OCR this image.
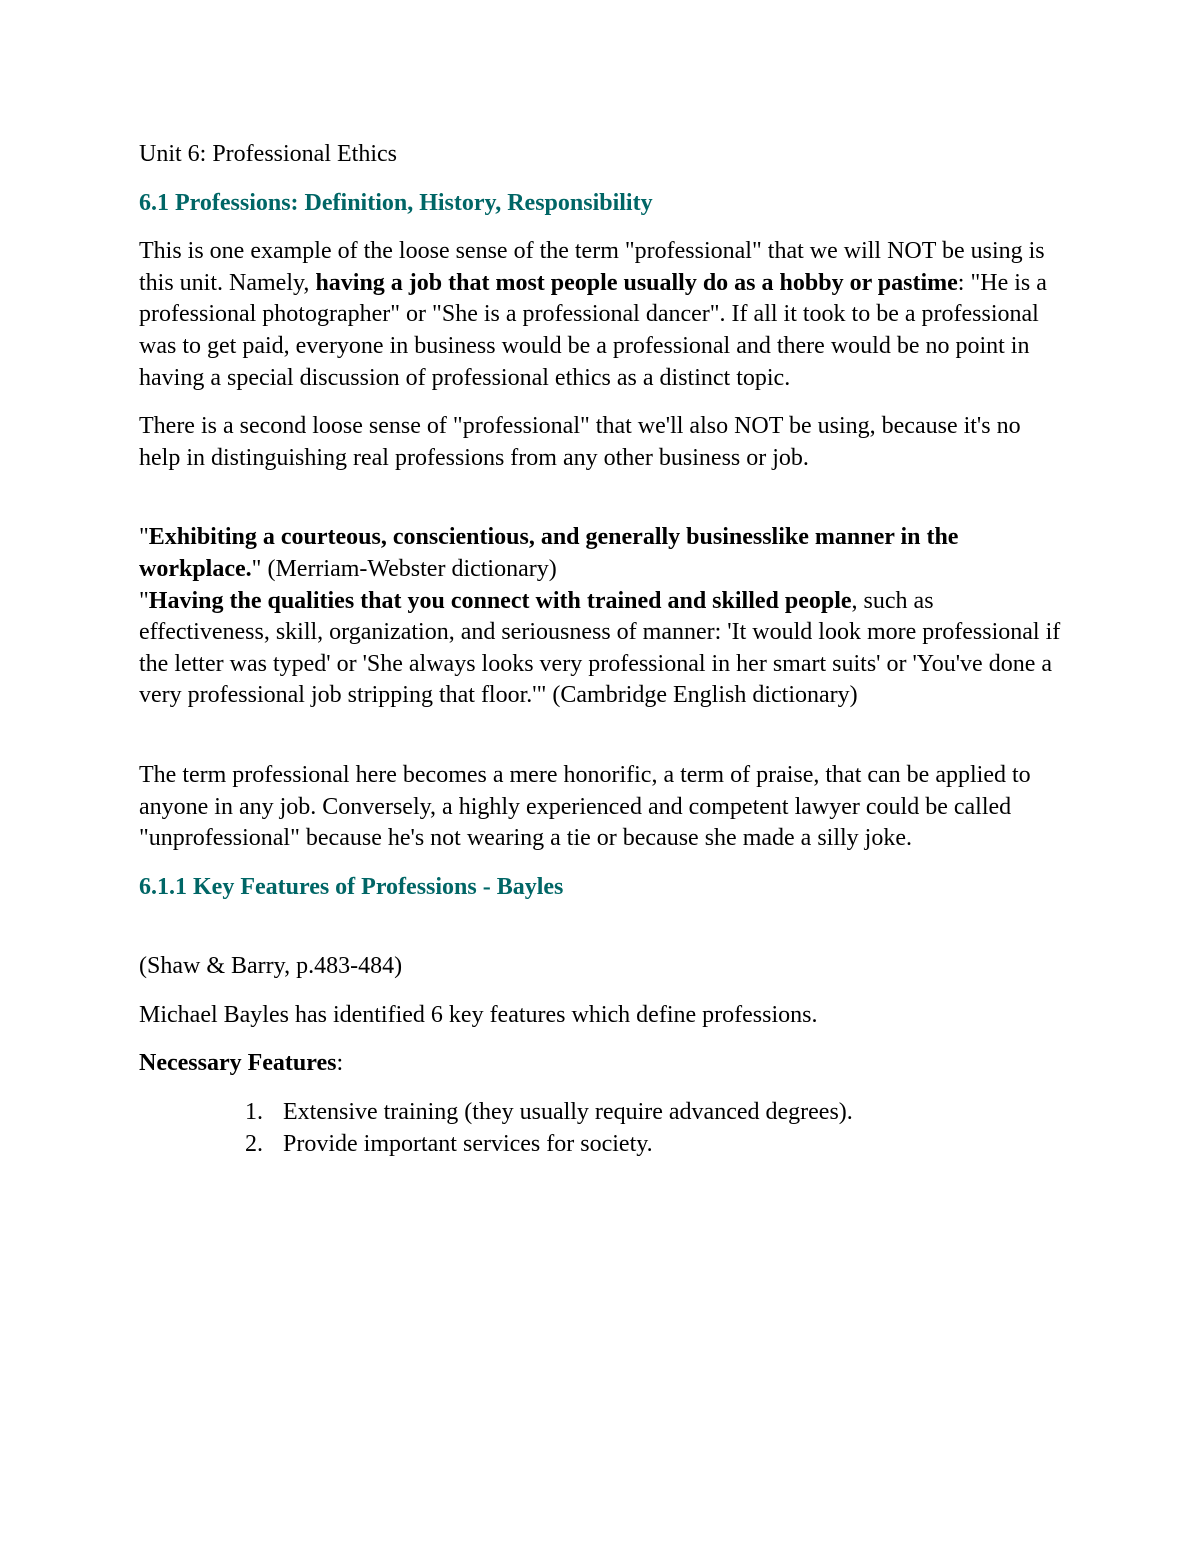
Unit 6: Professional Ethics

6.1 Professions: Definition, History, Responsibility

This is one example of the loose sense of the term "professional" that we will NOT be using is this unit. Namely, having a job that most people usually do as a hobby or pastime: "He is a professional photographer" or "She is a professional dancer". If all it took to be a professional was to get paid, everyone in business would be a professional and there would be no point in having a special discussion of professional ethics as a distinct topic.

There is a second loose sense of "professional" that we'll also NOT be using, because it's no help in distinguishing real professions from any other business or job.

"Exhibiting a courteous, conscientious, and generally businesslike manner in the workplace." (Merriam-Webster dictionary)

"Having the qualities that you connect with trained and skilled people, such as effectiveness, skill, organization, and seriousness of manner: 'It would look more professional if the letter was typed' or 'She always looks very professional in her smart suits' or 'You've done a very professional job stripping that floor.'" (Cambridge English dictionary)

The term professional here becomes a mere honorific, a term of praise, that can be applied to anyone in any job. Conversely, a highly experienced and competent lawyer could be called "unprofessional" because he's not wearing a tie or because she made a silly joke.

6.1.1 Key Features of Professions - Bayles

(Shaw & Barry, p.483-484)

Michael Bayles has identified 6 key features which define professions.

Necessary Features:

1. Extensive training (they usually require advanced degrees).
2. Provide important services for society.
